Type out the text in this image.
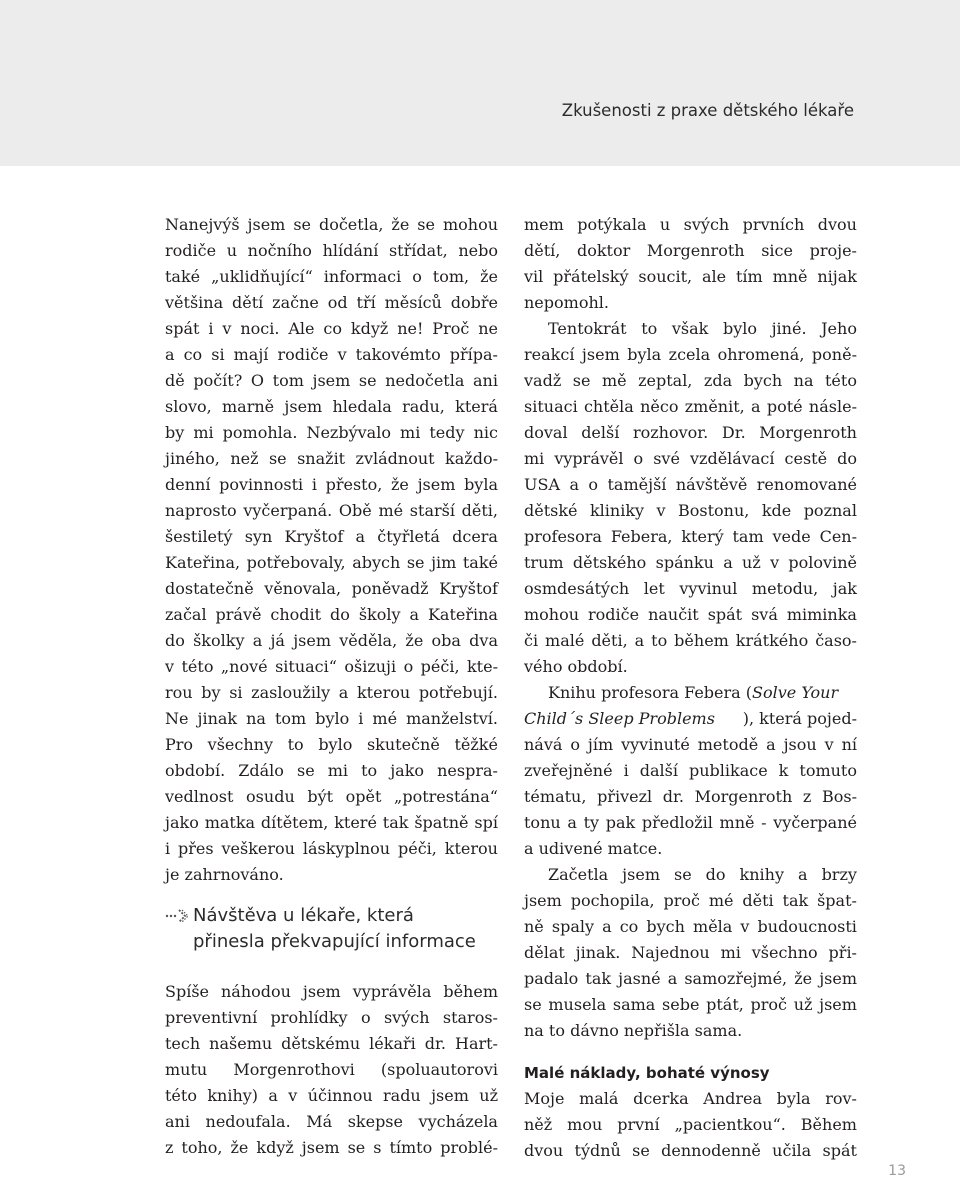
Zkušenosti z praxe dětského lékaře
Nanejvýš jsem se dočetla, že se mohou
rodiče u nočního hlídání střídat, nebo
také „uklidňující“ informaci o tom, že
většina dětí začne od tří měsíců dobře
spát i v noci. Ale co když ne! Proč ne
a co si mají rodiče v takovémto přípa-
dě počít? O tom jsem se nedočetla ani
slovo, marně jsem hledala radu, která
by mi pomohla. Nezbývalo mi tedy nic
jiného, než se snažit zvládnout každo-
denní povinnosti i přesto, že jsem byla
naprosto vyčerpaná. Obě mé starší děti,
šestiletý syn Kryštof a čtyřletá dcera
Kateřina, potřebovaly, abych se jim také
dostatečně věnovala, poněvadž Kryštof
začal právě chodit do školy a Kateřina
do školky a já jsem věděla, že oba dva
v této „nové situaci“ ošizuji o péči, kte-
rou by si zasloužily a kterou potřebují.
Ne jinak na tom bylo i mé manželství.
Pro všechny to bylo skutečně těžké
období. Zdálo se mi to jako nespra-
vedlnost osudu být opět „potrestána“
jako matka dítětem, které tak špatně spí
i přes veškerou láskyplnou péči, kterou
je zahrnováno.
Návštěva u lékaře, která
přinesla překvapující informace
Spíše náhodou jsem vyprávěla během
preventivní prohlídky o svých staros-
tech našemu dětskému lékaři dr. Hart-
mutu Morgenrothovi (spoluautorovi
této knihy) a v účinnou radu jsem už
ani nedoufala. Má skepse vycházela
z toho, že když jsem se s tímto problé-
mem potýkala u svých prvních dvou
dětí, doktor Morgenroth sice proje-
vil přátelský soucit, ale tím mně nijak
nepomohl.
Tentokrát to však bylo jiné. Jeho
reakcí jsem byla zcela ohromená, poně-
vadž se mě zeptal, zda bych na této
situaci chtěla něco změnit, a poté násle-
doval delší rozhovor. Dr. Morgenroth
mi vyprávěl o své vzdělávací cestě do
USA a o tamější návštěvě renomované
dětské kliniky v Bostonu, kde poznal
profesora Febera, který tam vede Cen-
trum dětského spánku a už v polovině
osmdesátých let vyvinul metodu, jak
mohou rodiče naučit spát svá miminka
či malé děti, a to během krátkého časo-
vého období.
Knihu profesora Febera (Solve Your
Child´s Sleep Problems ), která pojed-
nává o jím vyvinuté metodě a jsou v ní
zveřejněné i další publikace k tomuto
tématu, přivezl dr. Morgenroth z Bos-
tonu a ty pak předložil mně - vyčerpané
a udivené matce.
Začetla jsem se do knihy a brzy
jsem pochopila, proč mé děti tak špat-
ně spaly a co bych měla v budoucnosti
dělat jinak. Najednou mi všechno při-
padalo tak jasné a samozřejmé, že jsem
se musela sama sebe ptát, proč už jsem
na to dávno nepřišla sama.
Malé náklady, bohaté výnosy
Moje malá dcerka Andrea byla rov-
něž mou první „pacientkou“. Během
dvou týdnů se dennodenně učila spát
13
